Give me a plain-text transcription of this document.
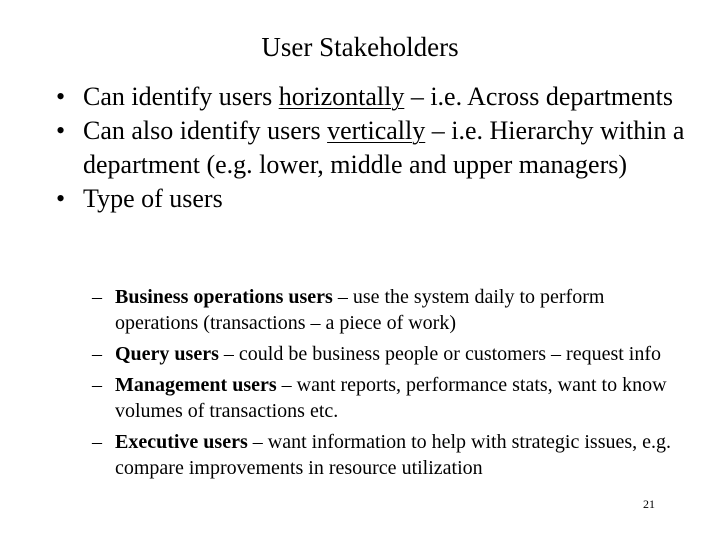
User Stakeholders
• Can identify users horizontally – i.e. Across departments
• Can also identify users vertically – i.e. Hierarchy within a department (e.g. lower, middle and upper managers)
• Type of users
– Business operations users – use the system daily to perform operations (transactions – a piece of work)
– Query users – could be business people or customers – request info
– Management users – want reports, performance stats, want to know volumes of transactions etc.
– Executive users – want information to help with strategic issues, e.g. compare improvements in resource utilization
21
